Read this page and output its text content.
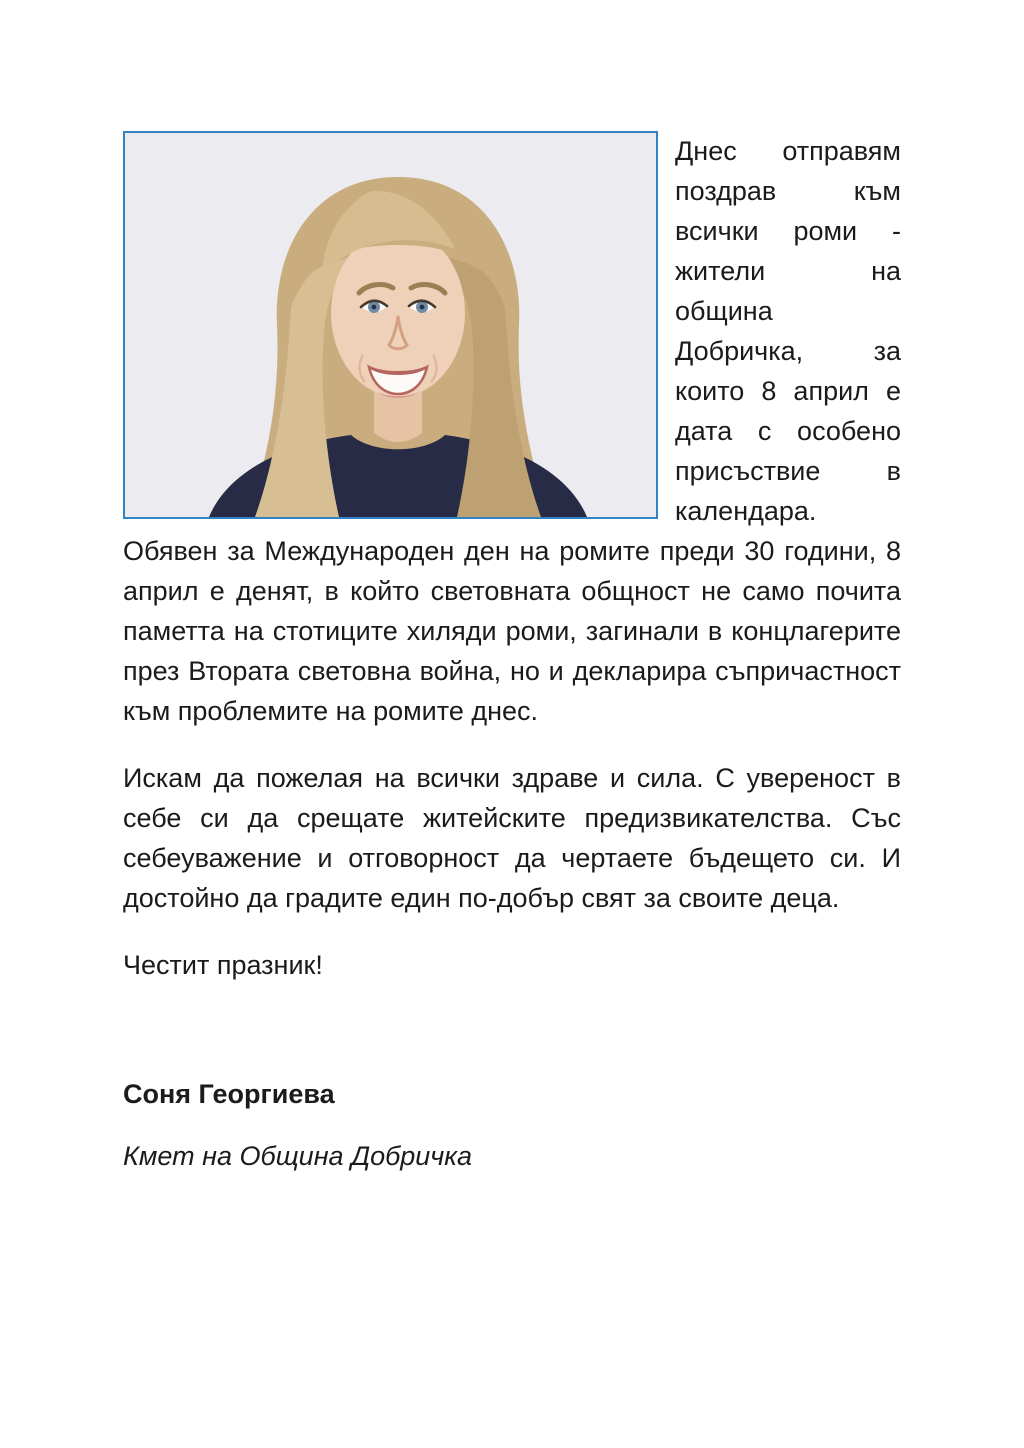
Днес отправям поздрав към всички роми - жители на община Добричка, за които 8 април е дата с особено присъствие в календара. Обявен за Международен ден на ромите преди 30 години, 8 април е денят, в който световната общност не само почита паметта на стотиците хиляди роми, загинали в концлагерите през Втората световна война, но и декларира съпричастност към проблемите на ромите днес.

Искам да пожелая на всички здраве и сила. С увереност в себе си да срещате житейските предизвикателства. Със себеуважение и отговорност да чертаете бъдещето си. И достойно да градите един по-добър свят за своите деца.

Честит празник!

Соня Георгиева

Кмет на Община Добричка
